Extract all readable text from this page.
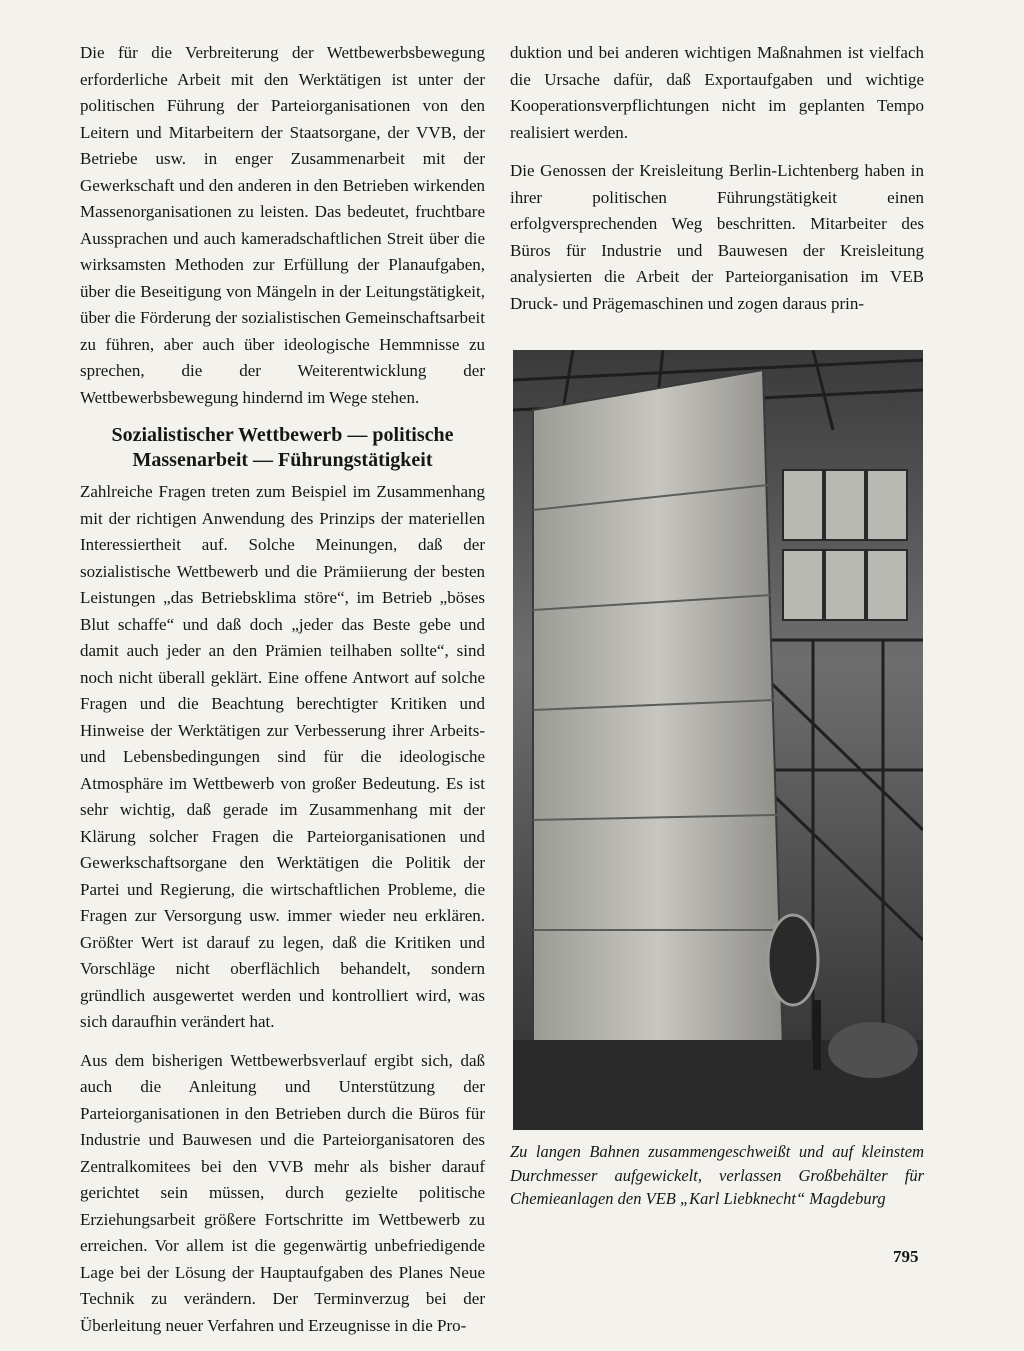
Die für die Verbreiterung der Wettbewerbsbewegung erforderliche Arbeit mit den Werktätigen ist unter der politischen Führung der Parteiorganisationen von den Leitern und Mitarbeitern der Staatsorgane, der VVB, der Betriebe usw. in enger Zusammenarbeit mit der Gewerkschaft und den anderen in den Betrieben wirkenden Massenorganisationen zu leisten. Das bedeutet, fruchtbare Aussprachen und auch kameradschaftlichen Streit über die wirksamsten Methoden zur Erfüllung der Planaufgaben, über die Beseitigung von Mängeln in der Leitungstätigkeit, über die Förderung der sozialistischen Gemeinschaftsarbeit zu führen, aber auch über ideologische Hemmnisse zu sprechen, die der Weiterentwicklung der Wettbewerbsbewegung hindernd im Wege stehen.

Sozialistischer Wettbewerb — politische Massenarbeit — Führungstätigkeit

Zahlreiche Fragen treten zum Beispiel im Zusammenhang mit der richtigen Anwendung des Prinzips der materiellen Interessiertheit auf. Solche Meinungen, daß der sozialistische Wettbewerb und die Prämiierung der besten Leistungen „das Betriebsklima störe“, im Betrieb „böses Blut schaffe“ und daß doch „jeder das Beste gebe und damit auch jeder an den Prämien teilhaben sollte“, sind noch nicht überall geklärt. Eine offene Antwort auf solche Fragen und die Beachtung berechtigter Kritiken und Hinweise der Werktätigen zur Verbesserung ihrer Arbeits- und Lebensbedingungen sind für die ideologische Atmosphäre im Wettbewerb von großer Bedeutung. Es ist sehr wichtig, daß gerade im Zusammenhang mit der Klärung solcher Fragen die Parteiorganisationen und Gewerkschaftsorgane den Werktätigen die Politik der Partei und Regierung, die wirtschaftlichen Probleme, die Fragen zur Versorgung usw. immer wieder neu erklären. Größter Wert ist darauf zu legen, daß die Kritiken und Vorschläge nicht oberflächlich behandelt, sondern gründlich ausgewertet werden und kontrolliert wird, was sich daraufhin verändert hat.

Aus dem bisherigen Wettbewerbsverlauf ergibt sich, daß auch die Anleitung und Unterstützung der Parteiorganisationen in den Betrieben durch die Büros für Industrie und Bauwesen und die Parteiorganisatoren des Zentralkomitees bei den VVB mehr als bisher darauf gerichtet sein müssen, durch gezielte politische Erziehungsarbeit größere Fortschritte im Wettbewerb zu erreichen. Vor allem ist die gegenwärtig unbefriedigende Lage bei der Lösung der Hauptaufgaben des Planes Neue Technik zu verändern. Der Terminverzug bei der Überleitung neuer Verfahren und Erzeugnisse in die Pro-

duktion und bei anderen wichtigen Maßnahmen ist vielfach die Ursache dafür, daß Exportaufgaben und wichtige Kooperationsverpflichtungen nicht im geplanten Tempo realisiert werden.

Die Genossen der Kreisleitung Berlin-Lichtenberg haben in ihrer politischen Führungstätigkeit einen erfolgversprechenden Weg beschritten. Mitarbeiter des Büros für Industrie und Bauwesen der Kreisleitung analysierten die Arbeit der Parteiorganisation im VEB Druck- und Prägemaschinen und zogen daraus prin-

Zu langen Bahnen zusammengeschweißt und auf kleinstem Durchmesser aufgewickelt, verlassen Großbehälter für Chemieanlagen den VEB „Karl Liebknecht“ Magdeburg

795
